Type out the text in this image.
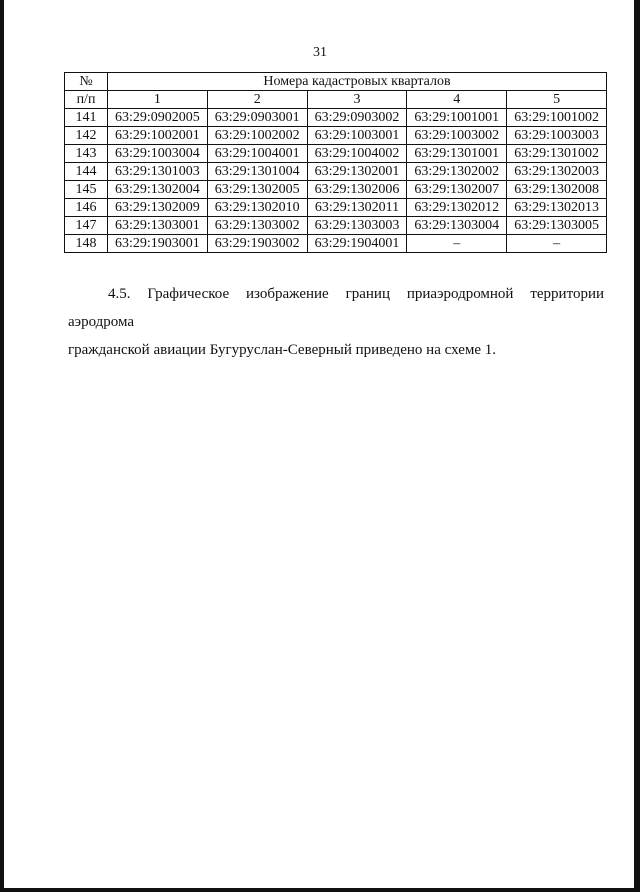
31
№	Номера кадастровых кварталов				
п/п	1	2	3	4	5
141	63:29:0902005	63:29:0903001	63:29:0903002	63:29:1001001	63:29:1001002
142	63:29:1002001	63:29:1002002	63:29:1003001	63:29:1003002	63:29:1003003
143	63:29:1003004	63:29:1004001	63:29:1004002	63:29:1301001	63:29:1301002
144	63:29:1301003	63:29:1301004	63:29:1302001	63:29:1302002	63:29:1302003
145	63:29:1302004	63:29:1302005	63:29:1302006	63:29:1302007	63:29:1302008
146	63:29:1302009	63:29:1302010	63:29:1302011	63:29:1302012	63:29:1302013
147	63:29:1303001	63:29:1303002	63:29:1303003	63:29:1303004	63:29:1303005
148	63:29:1903001	63:29:1903002	63:29:1904001	–	–
4.5. Графическое изображение границ приаэродромной территории аэродрома
гражданской авиации Бугуруслан-Северный приведено на схеме 1.
